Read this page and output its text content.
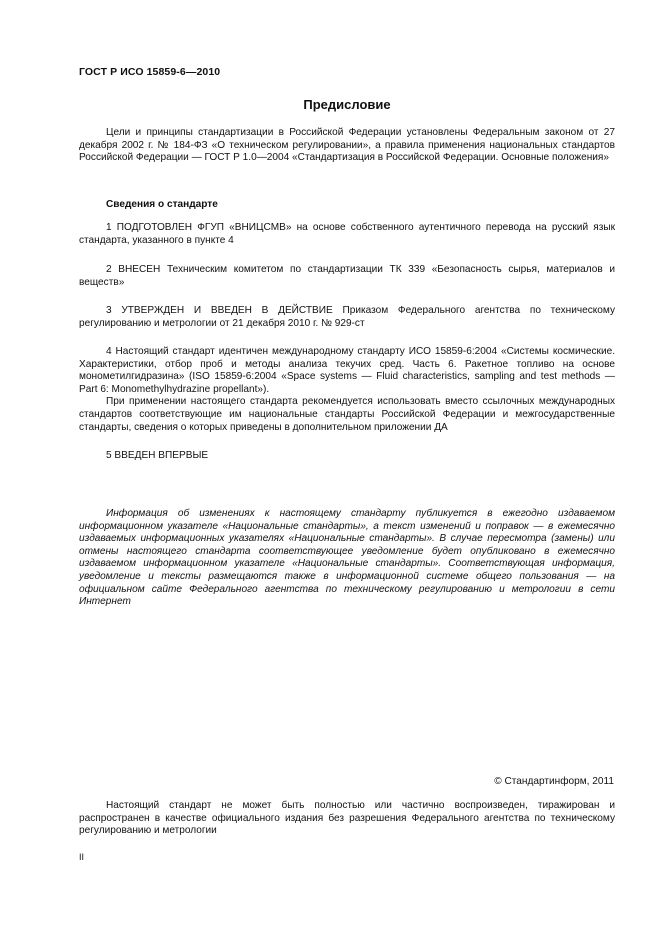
ГОСТ Р ИСО 15859-6—2010
Предисловие

Цели и принципы стандартизации в Российской Федерации установлены Федеральным законом от 27 декабря 2002 г. № 184-ФЗ «О техническом регулировании», а правила применения национальных стандартов Российской Федерации — ГОСТ Р 1.0—2004 «Стандартизация в Российской Федерации. Основные положения»

Сведения о стандарте

1 ПОДГОТОВЛЕН ФГУП «ВНИЦСМВ» на основе собственного аутентичного перевода на русский язык стандарта, указанного в пункте 4

2 ВНЕСЕН Техническим комитетом по стандартизации ТК 339 «Безопасность сырья, материалов и веществ»

3 УТВЕРЖДЕН И ВВЕДЕН В ДЕЙСТВИЕ Приказом Федерального агентства по техническому регулированию и метрологии от 21 декабря 2010 г. № 929-ст

4 Настоящий стандарт идентичен международному стандарту ИСО 15859-6:2004 «Системы космические. Характеристики, отбор проб и методы анализа текучих сред. Часть 6. Ракетное топливо на основе монометилгидразина» (ISO 15859-6:2004 «Space systems — Fluid characteristics, sampling and test methods — Part 6: Monomethylhydrazine propellant»).

При применении настоящего стандарта рекомендуется использовать вместо ссылочных международных стандартов соответствующие им национальные стандарты Российской Федерации и межгосударственные стандарты, сведения о которых приведены в дополнительном приложении ДА

5 ВВЕДЕН ВПЕРВЫЕ

Информация об изменениях к настоящему стандарту публикуется в ежегодно издаваемом информационном указателе «Национальные стандарты», а текст изменений и поправок — в ежемесячно издаваемых информационных указателях «Национальные стандарты». В случае пересмотра (замены) или отмены настоящего стандарта соответствующее уведомление будет опубликовано в ежемесячно издаваемом информационном указателе «Национальные стандарты». Соответствующая информация, уведомление и тексты размещаются также в информационной системе общего пользования — на официальном сайте Федерального агентства по техническому регулированию и метрологии в сети Интернет

© Стандартинформ, 2011

Настоящий стандарт не может быть полностью или частично воспроизведен, тиражирован и распространен в качестве официального издания без разрешения Федерального агентства по техническому регулированию и метрологии

II
